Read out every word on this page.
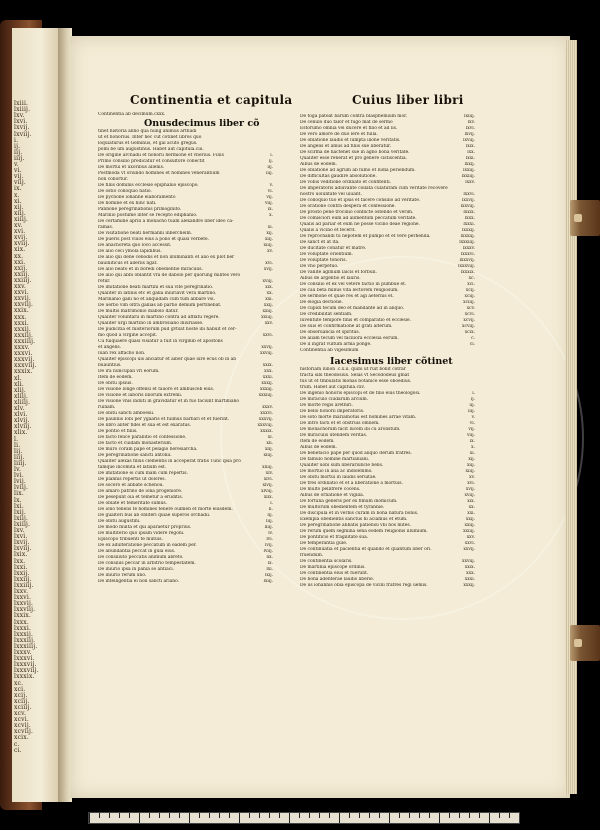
Continentia et capitula	Cuius liber libri
Continentia ab decimum.cxxx.
Onusdecimus liber cõ
tinet historiã anno qua nung animus arthadi
ut et honorius. Inter hec cut cõtinet libros quo
loquiaturus et Geminus, et gal acutõ gregus.
pomi be um augustinus. Habet aut capitula.ciii.
De origine archadii et honorii hermione et vberius. Filiis	i.
Primo consilio predicatur et consultore conectit	ij.
De mortui et uxoribus alienis.	iij.
Postmoda vt oriundo homines et homines venerantium	iiij.
non cohortur.
De filiis dominis ecclesie epiphanio episcopo.	v.
De ostio colloquio natio.	vi.
De pycnone iohanne elaboramento	vij.
De homine et ex hinc nati.	viij.
Pannone peregrinationis primoginito.	ix.
Marinio postume inter se recepto ediphanio.	x.
De certamine aprili a monacho tuam alexandre liber ideo ca-
ramas.	xi.
De visitatione beati hermanni inbercheim.	xij.
De pueris post viuos eius a polio et quasi verbete.	xiij.
De anachoreta quo loco accessit.	xiiij.
De alio ceci ymola lapidibus.	xv.
De alio qui dene cenodis et non illuminanti et alio ex plot ber
bauiniticus et alleriis ligat.	xvi.
De alio beato et in boredi obedientie miraculis.	xvij.
De alio qui abbi oblantit vra de dabolo per quorung milites vero
retur.	xviij.
De imitatione beati martini et sua vite peregrinatio.	xix.
Qualiter in latinis etc et galla iniuriavit vera martino.	xx.
Marinanio galli no et aliquidam cum tum abbare vsi.	xxi.
De uerbo vim oltra gallias ab partio demum pertinebat.	xxij.
De multis matrimonio diabolo datur.	xxiij.
Qualiter voluntarii in martino contra ad afflatu regere.	xxiiij.
Qualiter urgi martino in ambrosiano iniuriasse.	xxv.
De pudicitia et misteriorum pud gvtsat hoste ibi habuit et cer-
mo quod a virgine accepit.	xxvi.
Cu fuiquaere quasi visiatur a fuit in virginib et apostolis
et angelis.	xxvij.
Iuan rex affacho non.	xxviij.
Qualiter episcopi uis anciatur et aiber quae iure ecus ob in ab
buauntius.	xxix.
De ira nuncupali vri eorum.	xxx.
Item de eodem.	xxxi.
De obitu ipsius.	xxxij.
De visione longe offensi et fauore et ambusceb eius.	xxxiij.
De visione et laboris illiorum extremi.	xxxiiij.
De visione vnis induti in gravidatur et in fuo faciunt martiniano
ruinam.	xxxv.
De obitu sancti amboesii.	xxxvi.
De paulinis Iobi per ygaaris et fuimus barbari et et fuerint.	xxxvij.
De libro aliter fidei et sua et est exaratus.	xxxviij.
De pontio et filiis.	xxxix.
De facto felice parabitio et confessione.	xl.
De facto et cuidam monasterium.	xli.
De muro coram pape et pelagio heresiarcha.	xlij.
De peregrinatione sancti antonii.	xliij.
Qualiter alexas filius clementis in acceperat fratis Tunc ipsa pro
tamque incomita et latium est.	xliiij.
De imitatione ei cum mam cum repertis.	xlv.
De plannis repertis ut dolores.	xlvi.
De socero et abbate schenou.	xlvij.
De amaro patrino de iona progeniore.	xlviij.
De pesepunt oia et temetur a eruditis.	xlix.
De oblate et temeritate sumus.	l.
De iono tenelis te homines tenere oulmen et morte eiusdem.	li.
De gualteri bus ab obliteri quiae superos orchadii.	lij.
De obitu augustini.	liij.
De modo multa et qui aparaetur proprius.	liiij.
De multiterio quo ipsam videre regoni.	lv.
Episcopo tribuenti te mutuis.	lvi.
De ex adulteratione peccatum in eadem per.	lvij.
De abundantia peccat in gula eius.	lviij.
De consiliuto peccatis animum abreto.	lix.
De consiliis peccar in arbitrio tempestatem.	lx.
De iniurio ipsa in pania se antiaci.	lxi.
De iniurio rerum uno.	lxij.
De intelligentia ei non sancti ariano.	lxiij.
De toga pateat barum contra blasphemium mor.	lxiiij.
De cenulo duo falor et fugo mat de sermo	lxv.
Estorumo omnia vel ducere et filio et ad lis.	lxvi.
De vero amore de duo lere et fulla.	lxvij.
De oblatione laudis et lumpta ilione veritatis.	lxviij.
De angelis et amus ad filiis sue liberatur.	lxix.
De scirma de hactenet sue in agno bona veritate.	lxx.
Qualiter esse renerat et pro genere cistiscentia.	lxxi.
Aibus de eodem.	lxxij.
De oblatione ad agrum ab fumo et ludia periendum.	lxxiij.
De difficultas gaudire absolutione.	lxxiiij.
De vobis veditione ordinato et confitenti.	lxxv.
De imperatoris adiuvante collata culaturam cum veritate recovere
nostro uoluntate vel uiuant.	lxxvi.
De colloquio tuo et ipsis et facere consilio ad veritate.	lxxvij.
De oratione contra despera et confessione.	lxxviij.
De prosto pene trocinio conflicte ostendo et verim.	lxxix.
De comisciori eum ad alimentum peccatum veritate.	lxxx.
Qualis ad pariar et eum ne posse vicino deae regione.	lxxxi.
Qualis a vicino et fecerit.	lxxxij.
De reprochandi tu nepotem et pumpo et et vere perhenda.	lxxxiij.
De sanct et at ita.	lxxxiiij.
De ducitate conatur et matre.	lxxxv.
De voluptate orientium.	lxxxvi.
De voluptate tonoris.	lxxxvij.
De vno perpetuo.	lxxxviij.
De vanite agimum laicis et forbuli.	lxxxix.
Aibus de argentio et lauris.	xc.
De consilio et ex vel vetere factio in pumbue et.	xci.
De cau beta minus vita lectorem religiosum.	xcij.
De sermone et quae res et agi aeternis et.	xciij.
De elogia dectione.	xciiij.
De cupidi tecum deo et mandante ad in aliquo.	xcv.
De credibilitat sentiam.	xcvi.
Iuventute tempore finis et comparatio et ecclesie.	xcvij.
De suis et confirmatione at grati alterum.	xcviij.
De obseruancia et spiritus.	xcix.
De aliam tecum vel faciliora ecclesia eorum.	c.
De il ingrat vultum arma ponge.	ci.
Continentia ab vigesimum
Iacesimus liber cõtinet
historiam lunon .c.x.ii. quibi ut ruit bonit cõtrar
tracta sibi theodosius. Selas vt Secõdõdeus gmat
tus ut et tmbulatis monas botanice esse oboedius.
trum. Habet aut capitula.cxv.
De ingenio honoris episcopi et de filio eius theologosi.	i.
De miraculo ciudarum arcium.	ij.
De morte regis arethiri.	iij.
De bello honorii imperatoris.	iiij.
De soto morte mariamotus est homines arrae vitam.	v.
De intro facti et et obstruis omnem.	vi.
De monachorum facit lucem ibi cu arolistum.	vij.
De miraculis utendem veritas.	viij.
Item de eodem.	ix.
Aibus de eodem.	x.
De benefacio pape per quod aliquo iterum fratres.	xi.
De famulo nomine martianiani.	xij.
Qualiter uobi sum liberariuncle bens.	xiij.
De mortuo in alia ac indolemmo.	xiiij.
De obitu mortui in laudis seruitae.	xv.
De tres ordinatio et et a liberatione a mortuis.	xvi.
De multo pellifrere cocens.	xvij.
Aibus de ornatione et vigilia.	xviij.
De fortuna generis per ex fimum diomicum.	xix.
De multorum obedientem et tyrannie.	xx.
De discipula et in verbis curam in bona natura bonis.	xxi.
Exempla obedientis sanctus hi aciamus et etum.	xxij.
De peregrinatione abbatis patiensu vbi hos mites.	xxiij.
De rerum quem segmina sena eodem religionis illumium.	xxiiij.
De pontificio et fragilitate sua.	xxv.
De temperantia gule.	xxvi.
De continuatia et pacientia et quando et quantum liber ori.	xxvij.
fruendum.
De continentia scolaris.	xxviij.
De martinia episcope ordinis.	xxix.
De continentia eius et fuerunt.	xxx.
De bona adenterae laudis liberie.	xxxi.
De iis iohannis obia episcopa de vicini fratres regi uemis.	xxxij.
lxiii.
lxiiij.
lxv.
lxvi.
lxvij.
lxviij.
i.
ij.
iij.
iiij.
v.
vi.
vij.
viij.
ix.
x.
xi.
xij.
xiij.
xiiij.
xv.
xvi.
xvij.
xviij.
xix.
xx.
xxi.
xxij.
xxiij.
xxiiij.
xxv.
xxvi.
xxvij.
xxviij.
xxix.
xxx.
xxxi.
xxxij.
xxxiij.
xxxiiij.
xxxv.
xxxvi.
xxxvij.
xxxviij.
xxxix.
xl.
xli.
xlij.
xliij.
xliiij.
xlv.
xlvi.
xlvij.
xlviij.
xlix.
l.
li.
lij.
liij.
liiij.
lv.
lvi.
lvij.
lviij.
lix.
lx.
lxi.
lxij.
lxiij.
lxiiij.
lxv.
lxvi.
lxvij.
lxviij.
lxix.
lxx.
lxxi.
lxxij.
lxxiij.
lxxiiij.
lxxv.
lxxvi.
lxxvij.
lxxviij.
lxxix.
lxxx.
lxxxi.
lxxxij.
lxxxiij.
lxxxiiij.
lxxxv.
lxxxvi.
lxxxvij.
lxxxviij.
lxxxix.
xc.
xci.
xcij.
xciij.
xciiij.
xcv.
xcvi.
xcvij.
xcviij.
xcix.
c.
ci.
